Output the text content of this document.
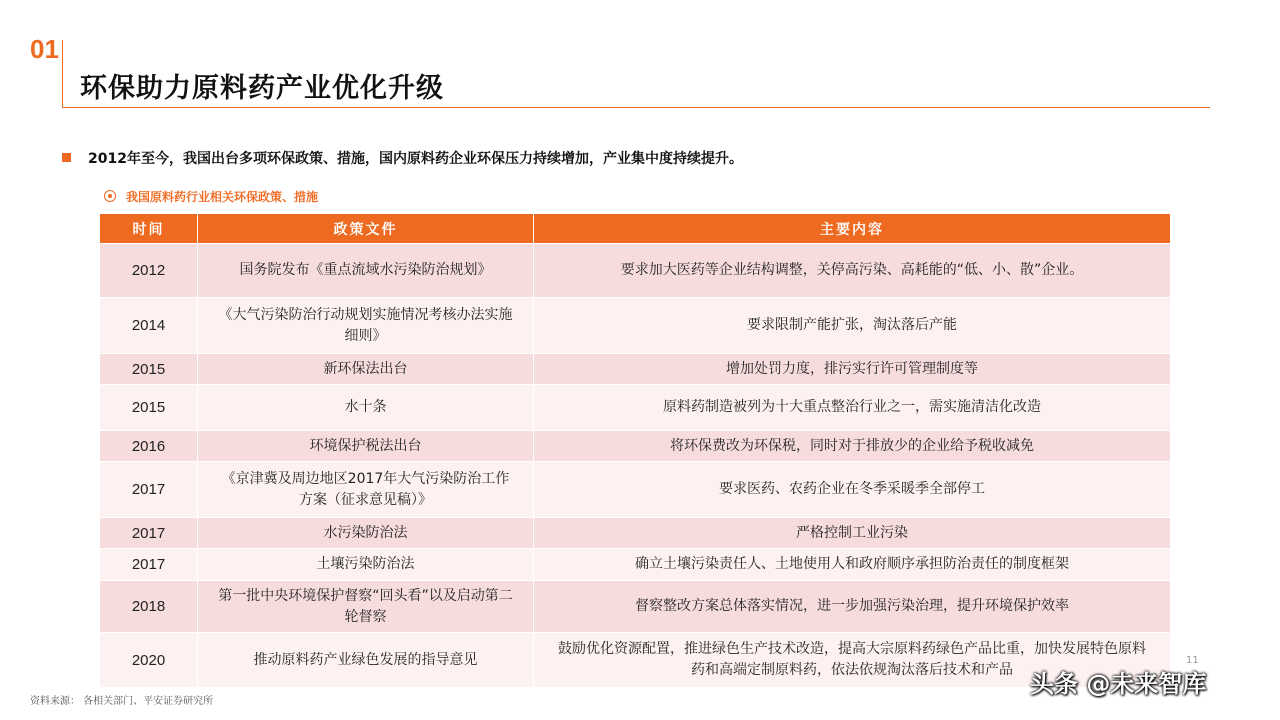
01
环保助力原料药产业优化升级
2012年至今，我国出台多项环保政策、措施，国内原料药企业环保压力持续增加，产业集中度持续提升。
我国原料药行业相关环保政策、措施
时间	政策文件	主要内容
2012	国务院发布《重点流域水污染防治规划》	要求加大医药等企业结构调整，关停高污染、高耗能的“低、小、散”企业。
2014	《大气污染防治行动规划实施情况考核办法实施细则》	要求限制产能扩张，淘汰落后产能
2015	新环保法出台	增加处罚力度，排污实行许可管理制度等
2015	水十条	原料药制造被列为十大重点整治行业之一，需实施清洁化改造
2016	环境保护税法出台	将环保费改为环保税，同时对于排放少的企业给予税收减免
2017	《京津冀及周边地区2017年大气污染防治工作方案（征求意见稿）》	要求医药、农药企业在冬季采暖季全部停工
2017	水污染防治法	严格控制工业污染
2017	土壤污染防治法	确立土壤污染责任人、土地使用人和政府顺序承担防治责任的制度框架
2018	第一批中央环境保护督察“回头看”以及启动第二轮督察	督察整改方案总体落实情况，进一步加强污染治理，提升环境保护效率
2020	推动原料药产业绿色发展的指导意见	鼓励优化资源配置，推进绿色生产技术改造，提高大宗原料药绿色产品比重，加快发展特色原料药和高端定制原料药，依法依规淘汰落后技术和产品
资料来源： 各相关部门、平安证券研究所
11
头条 @未来智库
